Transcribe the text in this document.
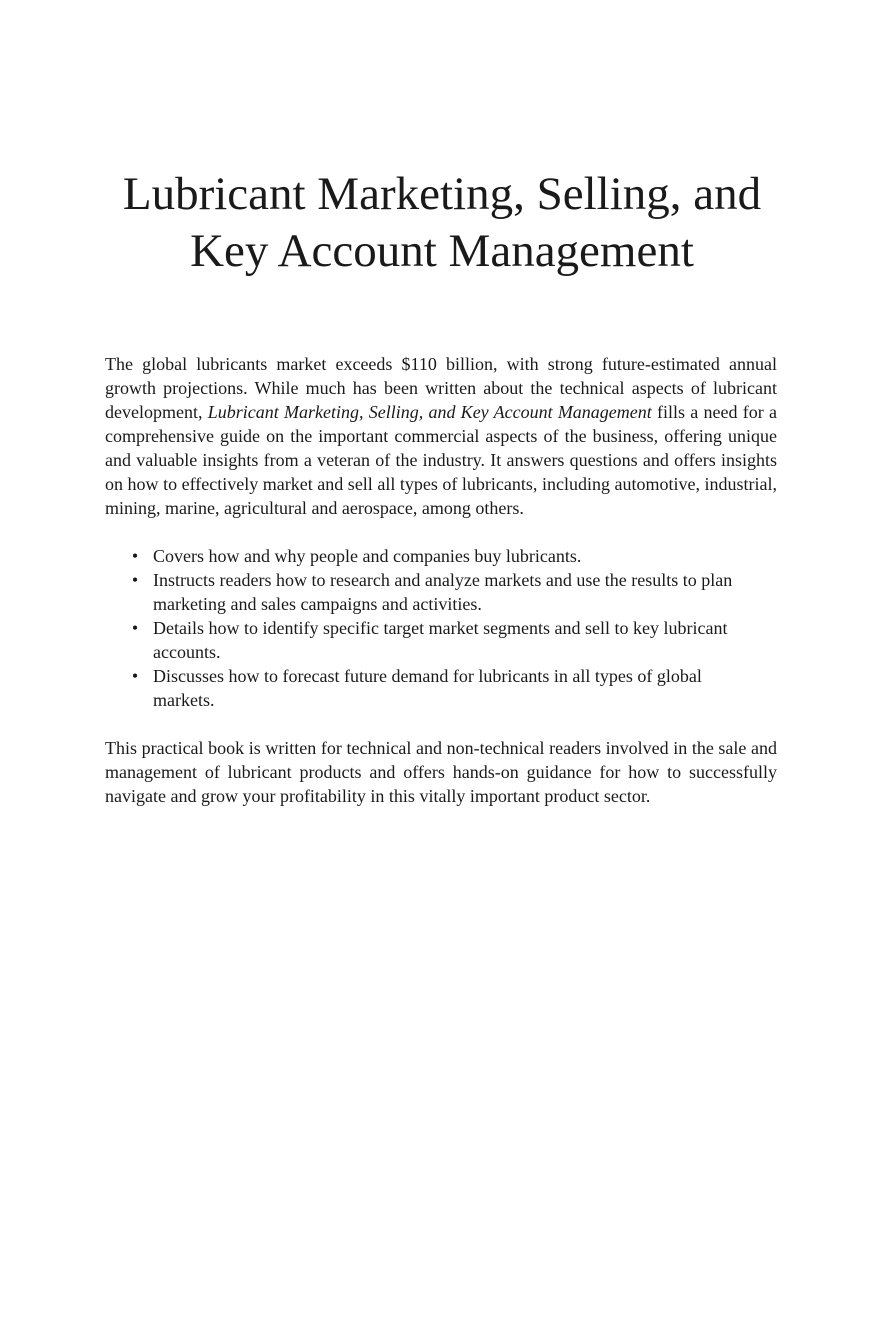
Lubricant Marketing, Selling, and
Key Account Management

The global lubricants market exceeds $110 billion, with strong future-estimated annual growth projections. While much has been written about the technical aspects of lubricant development, Lubricant Marketing, Selling, and Key Account Management fills a need for a comprehensive guide on the important commercial aspects of the business, offering unique and valuable insights from a veteran of the industry. It answers questions and offers insights on how to effectively market and sell all types of lubricants, including automotive, industrial, mining, marine, agricultural and aerospace, among others.

• Covers how and why people and companies buy lubricants.
• Instructs readers how to research and analyze markets and use the results to plan marketing and sales campaigns and activities.
• Details how to identify specific target market segments and sell to key lubricant accounts.
• Discusses how to forecast future demand for lubricants in all types of global markets.

This practical book is written for technical and non-technical readers involved in the sale and management of lubricant products and offers hands-on guidance for how to successfully navigate and grow your profitability in this vitally important product sector.
